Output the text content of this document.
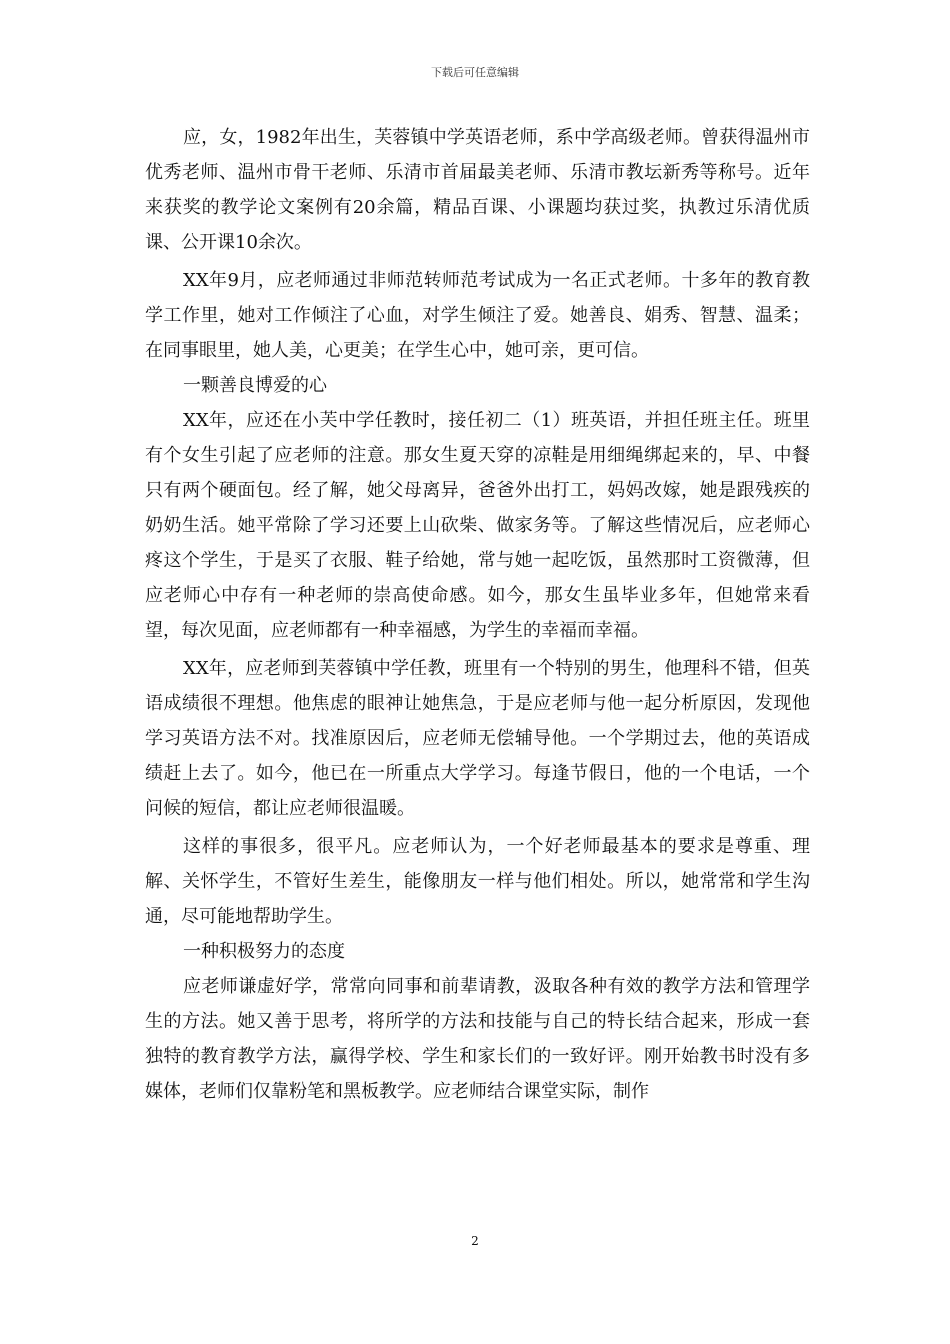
下载后可任意编辑

应，女，1982年出生，芙蓉镇中学英语老师，系中学高级老师。曾获得温州市优秀老师、温州市骨干老师、乐清市首届最美老师、乐清市教坛新秀等称号。近年来获奖的教学论文案例有20余篇，精品百课、小课题均获过奖，执教过乐清优质课、公开课10余次。

XX年9月，应老师通过非师范转师范考试成为一名正式老师。十多年的教育教学工作里，她对工作倾注了心血，对学生倾注了爱。她善良、娟秀、智慧、温柔；在同事眼里，她人美，心更美；在学生心中，她可亲，更可信。

一颗善良博爱的心

XX年，应还在小芙中学任教时，接任初二（1）班英语，并担任班主任。班里有个女生引起了应老师的注意。那女生夏天穿的凉鞋是用细绳绑起来的，早、中餐只有两个硬面包。经了解，她父母离异，爸爸外出打工，妈妈改嫁，她是跟残疾的奶奶生活。她平常除了学习还要上山砍柴、做家务等。了解这些情况后，应老师心疼这个学生，于是买了衣服、鞋子给她，常与她一起吃饭，虽然那时工资微薄，但应老师心中存有一种老师的崇高使命感。如今，那女生虽毕业多年，但她常来看望，每次见面，应老师都有一种幸福感，为学生的幸福而幸福。

XX年，应老师到芙蓉镇中学任教，班里有一个特别的男生，他理科不错，但英语成绩很不理想。他焦虑的眼神让她焦急，于是应老师与他一起分析原因，发现他学习英语方法不对。找准原因后，应老师无偿辅导他。一个学期过去，他的英语成绩赶上去了。如今，他已在一所重点大学学习。每逢节假日，他的一个电话，一个问候的短信，都让应老师很温暖。

这样的事很多，很平凡。应老师认为，一个好老师最基本的要求是尊重、理解、关怀学生，不管好生差生，能像朋友一样与他们相处。所以，她常常和学生沟通，尽可能地帮助学生。

一种积极努力的态度

应老师谦虚好学，常常向同事和前辈请教，汲取各种有效的教学方法和管理学生的方法。她又善于思考，将所学的方法和技能与自己的特长结合起来，形成一套独特的教育教学方法，赢得学校、学生和家长们的一致好评。刚开始教书时没有多媒体，老师们仅靠粉笔和黑板教学。应老师结合课堂实际，制作

2
